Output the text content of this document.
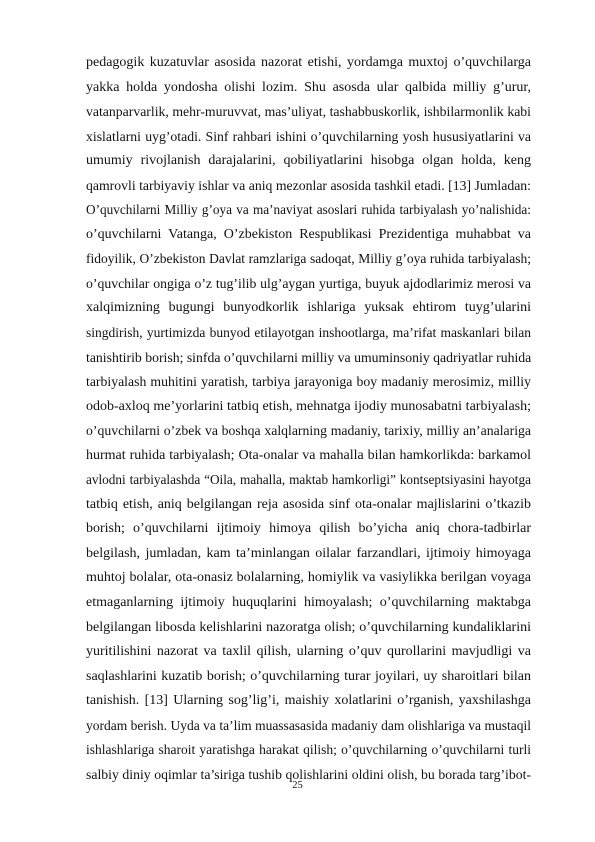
pedagogik kuzatuvlar asosida nazorat etishi, yordamga muxtoj o’quvchilarga
yakka holda yondosha olishi lozim. Shu asosda ular qalbida milliy g’urur,
vatanparvarlik, mehr-muruvvat, mas’uliyat, tashabbuskorlik, ishbilarmonlik kabi
xislatlarni uyg’otadi. Sinf rahbari ishini o’quvchilarning yosh hususiyatlarini va
umumiy rivojlanish darajalarini, qobiliyatlarini hisobga olgan holda, keng
qamrovli tarbiyaviy ishlar va aniq mezonlar asosida tashkil etadi. [13] Jumladan:
O’quvchilarni Milliy g’oya va ma’naviyat asoslari ruhida tarbiyalash yo’nalishida:
o’quvchilarni Vatanga, O’zbekiston Respublikasi Prezidentiga muhabbat va
fidoyilik, O’zbekiston Davlat ramzlariga sadoqat, Milliy g’oya ruhida tarbiyalash;
o’quvchilar ongiga o’z tug’ilib ulg’aygan yurtiga, buyuk ajdodlarimiz merosi va
xalqimizning bugungi bunyodkorlik ishlariga yuksak ehtirom tuyg’ularini
singdirish, yurtimizda bunyod etilayotgan inshootlarga, ma’rifat maskanlari bilan
tanishtirib borish; sinfda o’quvchilarni milliy va umuminsoniy qadriyatlar ruhida
tarbiyalash muhitini yaratish, tarbiya jarayoniga boy madaniy merosimiz, milliy
odob-axloq me’yorlarini tatbiq etish, mehnatga ijodiy munosabatni tarbiyalash;
o’quvchilarni o’zbek va boshqa xalqlarning madaniy, tarixiy, milliy an’analariga
hurmat ruhida tarbiyalash; Ota-onalar va mahalla bilan hamkorlikda: barkamol
avlodni tarbiyalashda “Oila, mahalla, maktab hamkorligi” kontseptsiyasini hayotga
tatbiq etish, aniq belgilangan reja asosida sinf ota-onalar majlislarini o’tkazib
borish; o’quvchilarni ijtimoiy himoya qilish bo’yicha aniq chora-tadbirlar
belgilash, jumladan, kam ta’minlangan oilalar farzandlari, ijtimoiy himoyaga
muhtoj bolalar, ota-onasiz bolalarning, homiylik va vasiylikka berilgan voyaga
etmaganlarning ijtimoiy huquqlarini himoyalash; o’quvchilarning maktabga
belgilangan libosda kelishlarini nazoratga olish; o’quvchilarning kundaliklarini
yuritilishini nazorat va taxlil qilish, ularning o’quv qurollarini mavjudligi va
saqlashlarini kuzatib borish; o’quvchilarning turar joyilari, uy sharoitlari bilan
tanishish. [13] Ularning sog’lig’i, maishiy xolatlarini o’rganish, yaxshilashga
yordam berish. Uyda va ta’lim muassasasida madaniy dam olishlariga va mustaqil
ishlashlariga sharoit yaratishga harakat qilish; o’quvchilarning o’quvchilarni turli
salbiy diniy oqimlar ta’siriga tushib qolishlarini oldini olish, bu borada targ’ibot-
25
